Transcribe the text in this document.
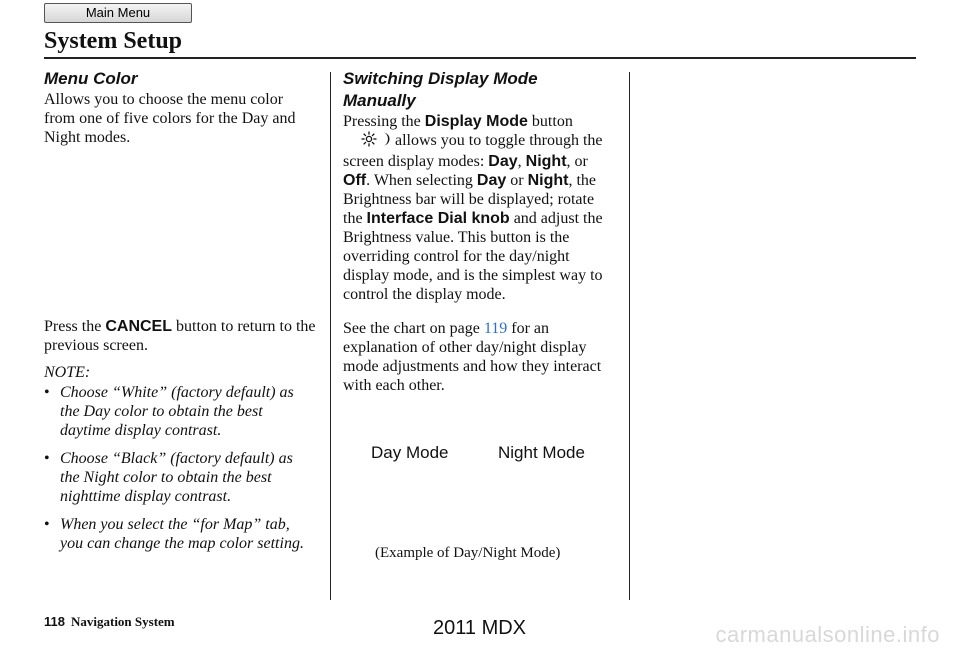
Main Menu
System Setup

Menu Color

Allows you to choose the menu color from one of five colors for the Day and Night modes.

Press the CANCEL button to return to the previous screen.

NOTE:

• Choose “White” (factory default) as the Day color to obtain the best daytime display contrast.
• Choose “Black” (factory default) as the Night color to obtain the best nighttime display contrast.
• When you select the “for Map” tab, you can change the map color setting.

Switching Display Mode
Manually

Pressing the Display Mode button
allows you to toggle through the screen display modes: Day, Night, or Off. When selecting Day or Night, the Brightness bar will be displayed; rotate the Interface Dial knob and adjust the Brightness value. This button is the overriding control for the day/night display mode, and is the simplest way to control the display mode.

See the chart on page 119 for an explanation of other day/night display mode adjustments and how they interact with each other.

Day Mode	Night Mode
(Example of Day/Night Mode)
118 Navigation System	2011 MDX	carmanualsonline.info
